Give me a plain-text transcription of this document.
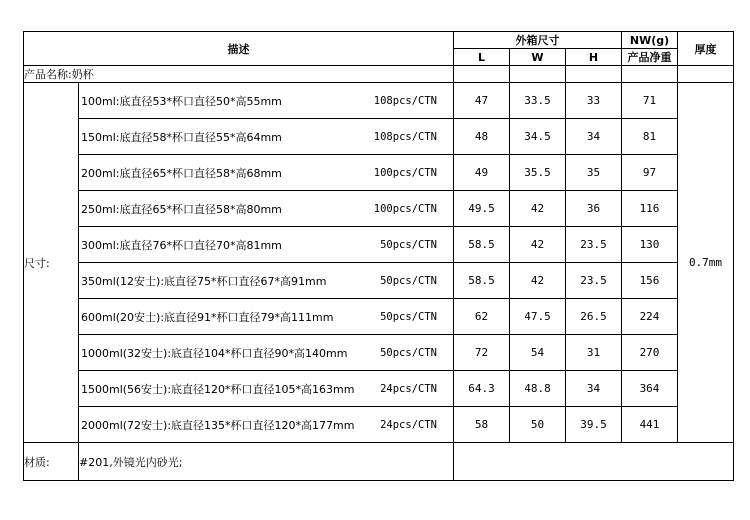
描述		外箱尺寸			NW(g)	厚度
		L	W	H	产品净重	
产品名称:奶杯						
尺寸:	100ml:底直径53*杯口直径50*高55mm 108pcs/CTN	47	33.5	33	71	0.7mm

	150ml:底直径58*杯口直径55*高64mm 108pcs/CTN	48	34.5	34	81	

	200ml:底直径65*杯口直径58*高68mm 100pcs/CTN	49	35.5	35	97	

	250ml:底直径65*杯口直径58*高80mm 100pcs/CTN	49.5	42	36	116	

	300ml:底直径76*杯口直径70*高81mm 50pcs/CTN	58.5	42	23.5	130	

	350ml(12安士):底直径75*杯口直径67*高91mm 50pcs/CTN	58.5	42	23.5	156	

	600ml(20安士):底直径91*杯口直径79*高111mm 50pcs/CTN	62	47.5	26.5	224	

	1000ml(32安士):底直径104*杯口直径90*高140mm 50pcs/CTN	72	54	31	270	

	1500ml(56安士):底直径120*杯口直径105*高163mm 24pcs/CTN	64.3	48.8	34	364	

	2000ml(72安士):底直径135*杯口直径120*高177mm 24pcs/CTN	58	50	39.5	441	
材质:	#201,外镜光内砂光;					
